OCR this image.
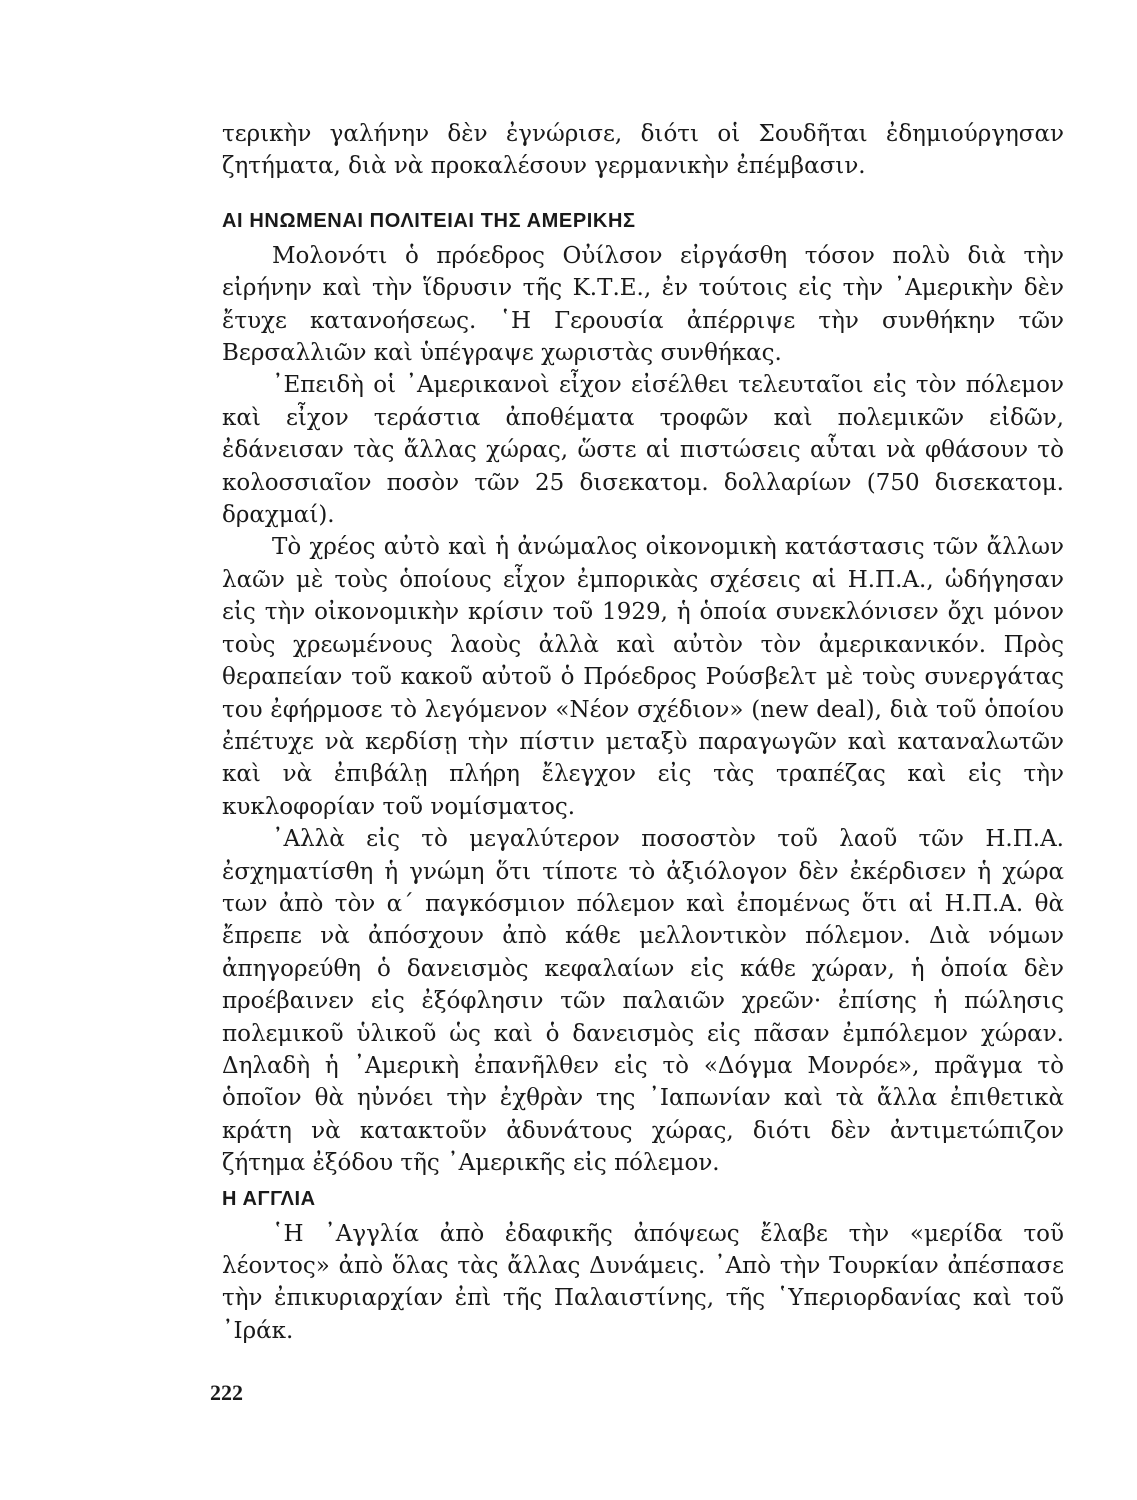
τερικὴν γαλήνην δὲν ἐγνώρισε, διότι οἱ Σουδῆται ἐδημιούργησαν ζητήματα, διὰ νὰ προκαλέσουν γερμανικὴν ἐπέμβασιν.

ΑΙ ΗΝΩΜΕΝΑΙ ΠΟΛΙΤΕΙΑΙ ΤΗΣ ΑΜΕΡΙΚΗΣ

Μολονότι ὁ πρόεδρος Οὐίλσον εἰργάσθη τόσον πολὺ διὰ τὴν εἰρήνην καὶ τὴν ἵδρυσιν τῆς Κ.Τ.Ε., ἐν τούτοις εἰς τὴν ᾿Αμερικὴν δὲν ἔτυχε κατανοήσεως. ῾Η Γερουσία ἀπέρριψε τὴν συνθήκην τῶν Βερσαλλιῶν καὶ ὑπέγραψε χωριστὰς συνθήκας.

᾿Επειδὴ οἱ ᾿Αμερικανοὶ εἶχον εἰσέλθει τελευταῖοι εἰς τὸν πόλεμον καὶ εἶχον τεράστια ἀποθέματα τροφῶν καὶ πολεμικῶν εἰδῶν, ἐδάνεισαν τὰς ἄλλας χώρας, ὥστε αἱ πιστώσεις αὗται νὰ φθάσουν τὸ κολοσσιαῖον ποσὸν τῶν 25 δισεκατομ. δολλαρίων (750 δισεκατομ. δραχμαί).

Τὸ χρέος αὐτὸ καὶ ἡ ἀνώμαλος οἰκονομικὴ κατάστασις τῶν ἄλλων λαῶν μὲ τοὺς ὁποίους εἶχον ἐμπορικὰς σχέσεις αἱ Η.Π.Α., ὡδήγησαν εἰς τὴν οἰκονομικὴν κρίσιν τοῦ 1929, ἡ ὁποία συνεκλόνισεν ὄχι μόνον τοὺς χρεωμένους λαοὺς ἀλλὰ καὶ αὐτὸν τὸν ἀμερικανικόν. Πρὸς θεραπείαν τοῦ κακοῦ αὐτοῦ ὁ Πρόεδρος Ρούσβελτ μὲ τοὺς συνεργάτας του ἐφήρμοσε τὸ λεγόμενον «Νέον σχέδιον» (new deal), διὰ τοῦ ὁποίου ἐπέτυχε νὰ κερδίσῃ τὴν πίστιν μεταξὺ παραγωγῶν καὶ καταναλωτῶν καὶ νὰ ἐπιβάλῃ πλήρη ἔλεγχον εἰς τὰς τραπέζας καὶ εἰς τὴν κυκλοφορίαν τοῦ νομίσματος.

᾿Αλλὰ εἰς τὸ μεγαλύτερον ποσοστὸν τοῦ λαοῦ τῶν Η.Π.Α. ἐσχηματίσθη ἡ γνώμη ὅτι τίποτε τὸ ἀξιόλογον δὲν ἐκέρδισεν ἡ χώρα των ἀπὸ τὸν α΄ παγκόσμιον πόλεμον καὶ ἐπομένως ὅτι αἱ Η.Π.Α. θὰ ἔπρεπε νὰ ἀπόσχουν ἀπὸ κάθε μελλοντικὸν πόλεμον. Διὰ νόμων ἀπηγορεύθη ὁ δανεισμὸς κεφαλαίων εἰς κάθε χώραν, ἡ ὁποία δὲν προέβαινεν εἰς ἐξόφλησιν τῶν παλαιῶν χρεῶν· ἐπίσης ἡ πώλησις πολεμικοῦ ὑλικοῦ ὡς καὶ ὁ δανεισμὸς εἰς πᾶσαν ἐμπόλεμον χώραν. Δηλαδὴ ἡ ᾿Αμερικὴ ἐπανῆλθεν εἰς τὸ «Δόγμα Μονρόε», πρᾶγμα τὸ ὁποῖον θὰ ηὐνόει τὴν ἐχθρὰν της ᾿Ιαπωνίαν καὶ τὰ ἄλλα ἐπιθετικὰ κράτη νὰ κατακτοῦν ἀδυνάτους χώρας, διότι δὲν ἀντιμετώπιζον ζήτημα ἐξόδου τῆς ᾿Αμερικῆς εἰς πόλεμον.

Η ΑΓΓΛΙΑ

῾Η ᾿Αγγλία ἀπὸ ἐδαφικῆς ἀπόψεως ἔλαβε τὴν «μερίδα τοῦ λέοντος» ἀπὸ ὅλας τὰς ἄλλας Δυνάμεις. ᾿Απὸ τὴν Τουρκίαν ἀπέσπασε τὴν ἐπικυριαρχίαν ἐπὶ τῆς Παλαιστίνης, τῆς ῾Υπεριορδανίας καὶ τοῦ ᾿Ιράκ.

222
